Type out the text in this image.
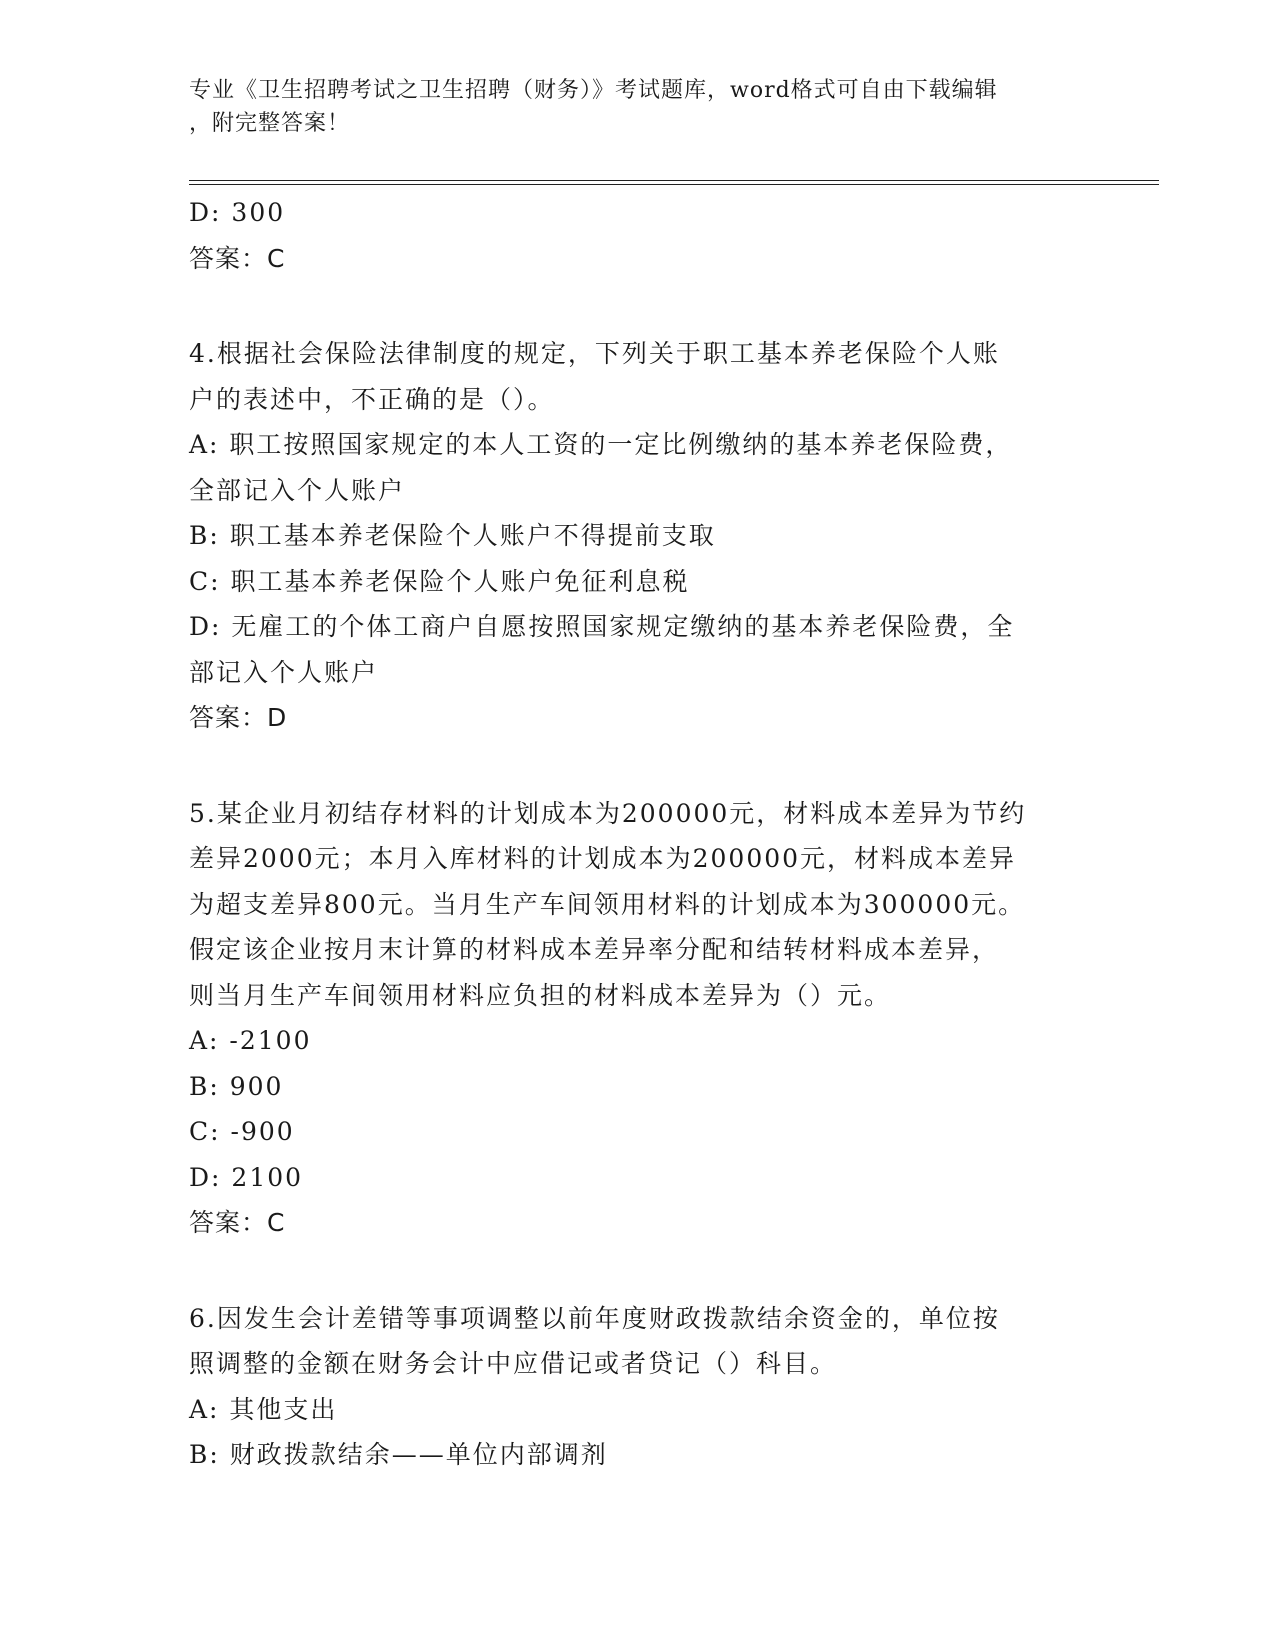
专业《卫生招聘考试之卫生招聘（财务）》考试题库，word格式可自由下载编辑
，附完整答案！
D: 300
答案：C
4.根据社会保险法律制度的规定，下列关于职工基本养老保险个人账
户的表述中，不正确的是（）。
A: 职工按照国家规定的本人工资的一定比例缴纳的基本养老保险费，
全部记入个人账户
B: 职工基本养老保险个人账户不得提前支取
C: 职工基本养老保险个人账户免征利息税
D: 无雇工的个体工商户自愿按照国家规定缴纳的基本养老保险费，全
部记入个人账户
答案：D
5.某企业月初结存材料的计划成本为200000元，材料成本差异为节约
差异2000元；本月入库材料的计划成本为200000元，材料成本差异
为超支差异800元。当月生产车间领用材料的计划成本为300000元。
假定该企业按月末计算的材料成本差异率分配和结转材料成本差异，
则当月生产车间领用材料应负担的材料成本差异为（）元。
A: -2100
B: 900
C: -900
D: 2100
答案：C
6.因发生会计差错等事项调整以前年度财政拨款结余资金的，单位按
照调整的金额在财务会计中应借记或者贷记（）科目。
A: 其他支出
B: 财政拨款结余——单位内部调剂
